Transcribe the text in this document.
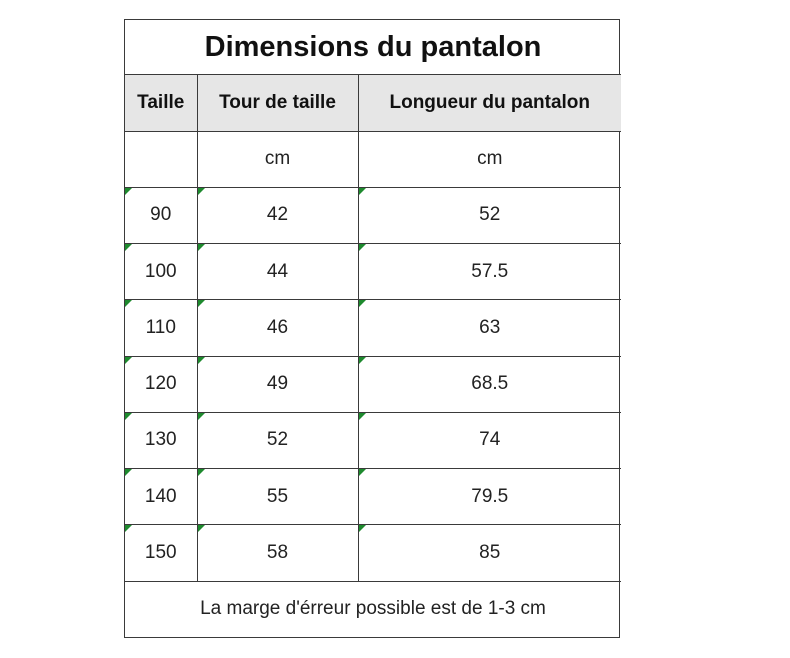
Dimensions du pantalon		
Taille	Tour de taille	Longueur du pantalon
	cm	cm

90	42	52

100	44	57.5

110	46	63

120	49	68.5

130	52	74

140	55	79.5

150	58	85
La marge d'érreur possible est de 1-3 cm		
